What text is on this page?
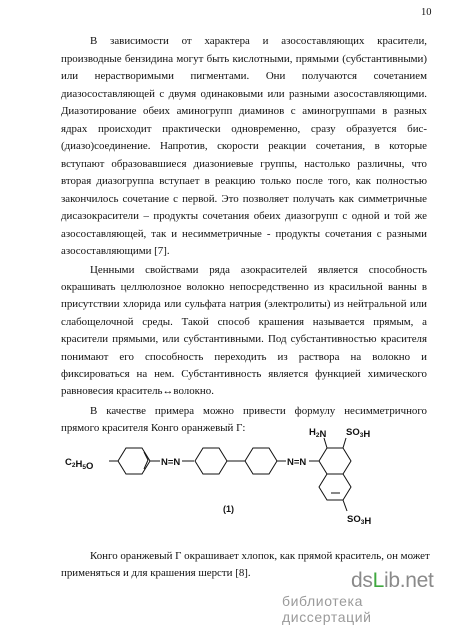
10
В зависимости от характера и азосоставляющих красители,
производные бензидина могут быть кислотными, прямыми (субстантивными)
или нерастворимыми пигментами. Они получаются сочетанием
диазосоставляющей с двумя одинаковыми или разными азосоставляющими.
Диазотирование обеих аминогрупп диаминов с аминогруппами в разных
ядрах происходит практически одновременно, сразу образуется бис-
(диазо)соединение. Напротив, скорости реакции сочетания, в которые
вступают образовавшиеся диазониевые группы, настолько различны, что
вторая диазогруппа вступает в реакцию только после того, как полностью
закончилось сочетание с первой. Это позволяет получать как симметричные
дисазокрасители – продукты сочетания обеих диазогрупп с одной и той же
азосоставляющей, так и несимметричные - продукты сочетания с разными
азосоставляющими [7].
Ценными свойствами ряда азокрасителей является способность
окрашивать целлюлозное волокно непосредственно из красильной ванны в
присутствии хлорида или сульфата натрия (электролиты) из нейтральной или
слабощелочной среды. Такой способ крашения называется прямым, а
красители прямыми, или субстантивными. Под субстантивностью красителя
понимают его способность переходить из раствора на волокно и
фиксироваться на нем. Субстантивность является функцией химического
равновесия краситель↔волокно.
В качестве примера можно привести формулу несимметричного
прямого красителя Конго оранжевый Г:
Конго оранжевый Г окрашивает хлопок, как прямой краситель, он может
применяться и для крашения шерсти [8].
$C_2H_5O$	N=N	N=N
$H_2N$ $SO_3H$
$SO_3H$
(1)
dsLib.net
библиотека диссертаций
